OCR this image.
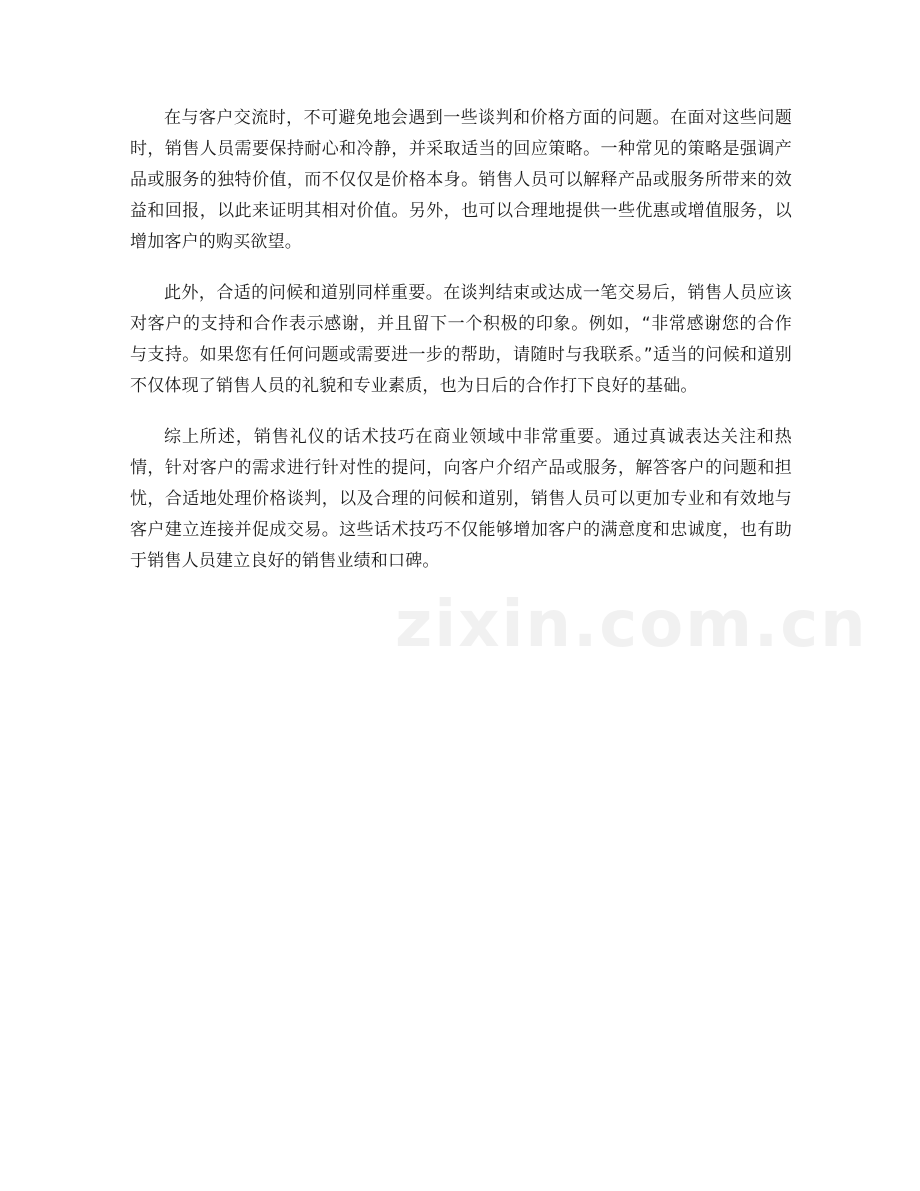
在与客户交流时，不可避免地会遇到一些谈判和价格方面的问题。在面对这些问题时，销售人员需要保持耐心和冷静，并采取适当的回应策略。一种常见的策略是强调产品或服务的独特价值，而不仅仅是价格本身。销售人员可以解释产品或服务所带来的效益和回报，以此来证明其相对价值。另外，也可以合理地提供一些优惠或增值服务，以增加客户的购买欲望。

此外，合适的问候和道别同样重要。在谈判结束或达成一笔交易后，销售人员应该对客户的支持和合作表示感谢，并且留下一个积极的印象。例如，“非常感谢您的合作与支持。如果您有任何问题或需要进一步的帮助，请随时与我联系。”适当的问候和道别不仅体现了销售人员的礼貌和专业素质，也为日后的合作打下良好的基础。

综上所述，销售礼仪的话术技巧在商业领域中非常重要。通过真诚表达关注和热情，针对客户的需求进行针对性的提问，向客户介绍产品或服务，解答客户的问题和担忧，合适地处理价格谈判，以及合理的问候和道别，销售人员可以更加专业和有效地与客户建立连接并促成交易。这些话术技巧不仅能够增加客户的满意度和忠诚度，也有助于销售人员建立良好的销售业绩和口碑。

zixin.com.cn
